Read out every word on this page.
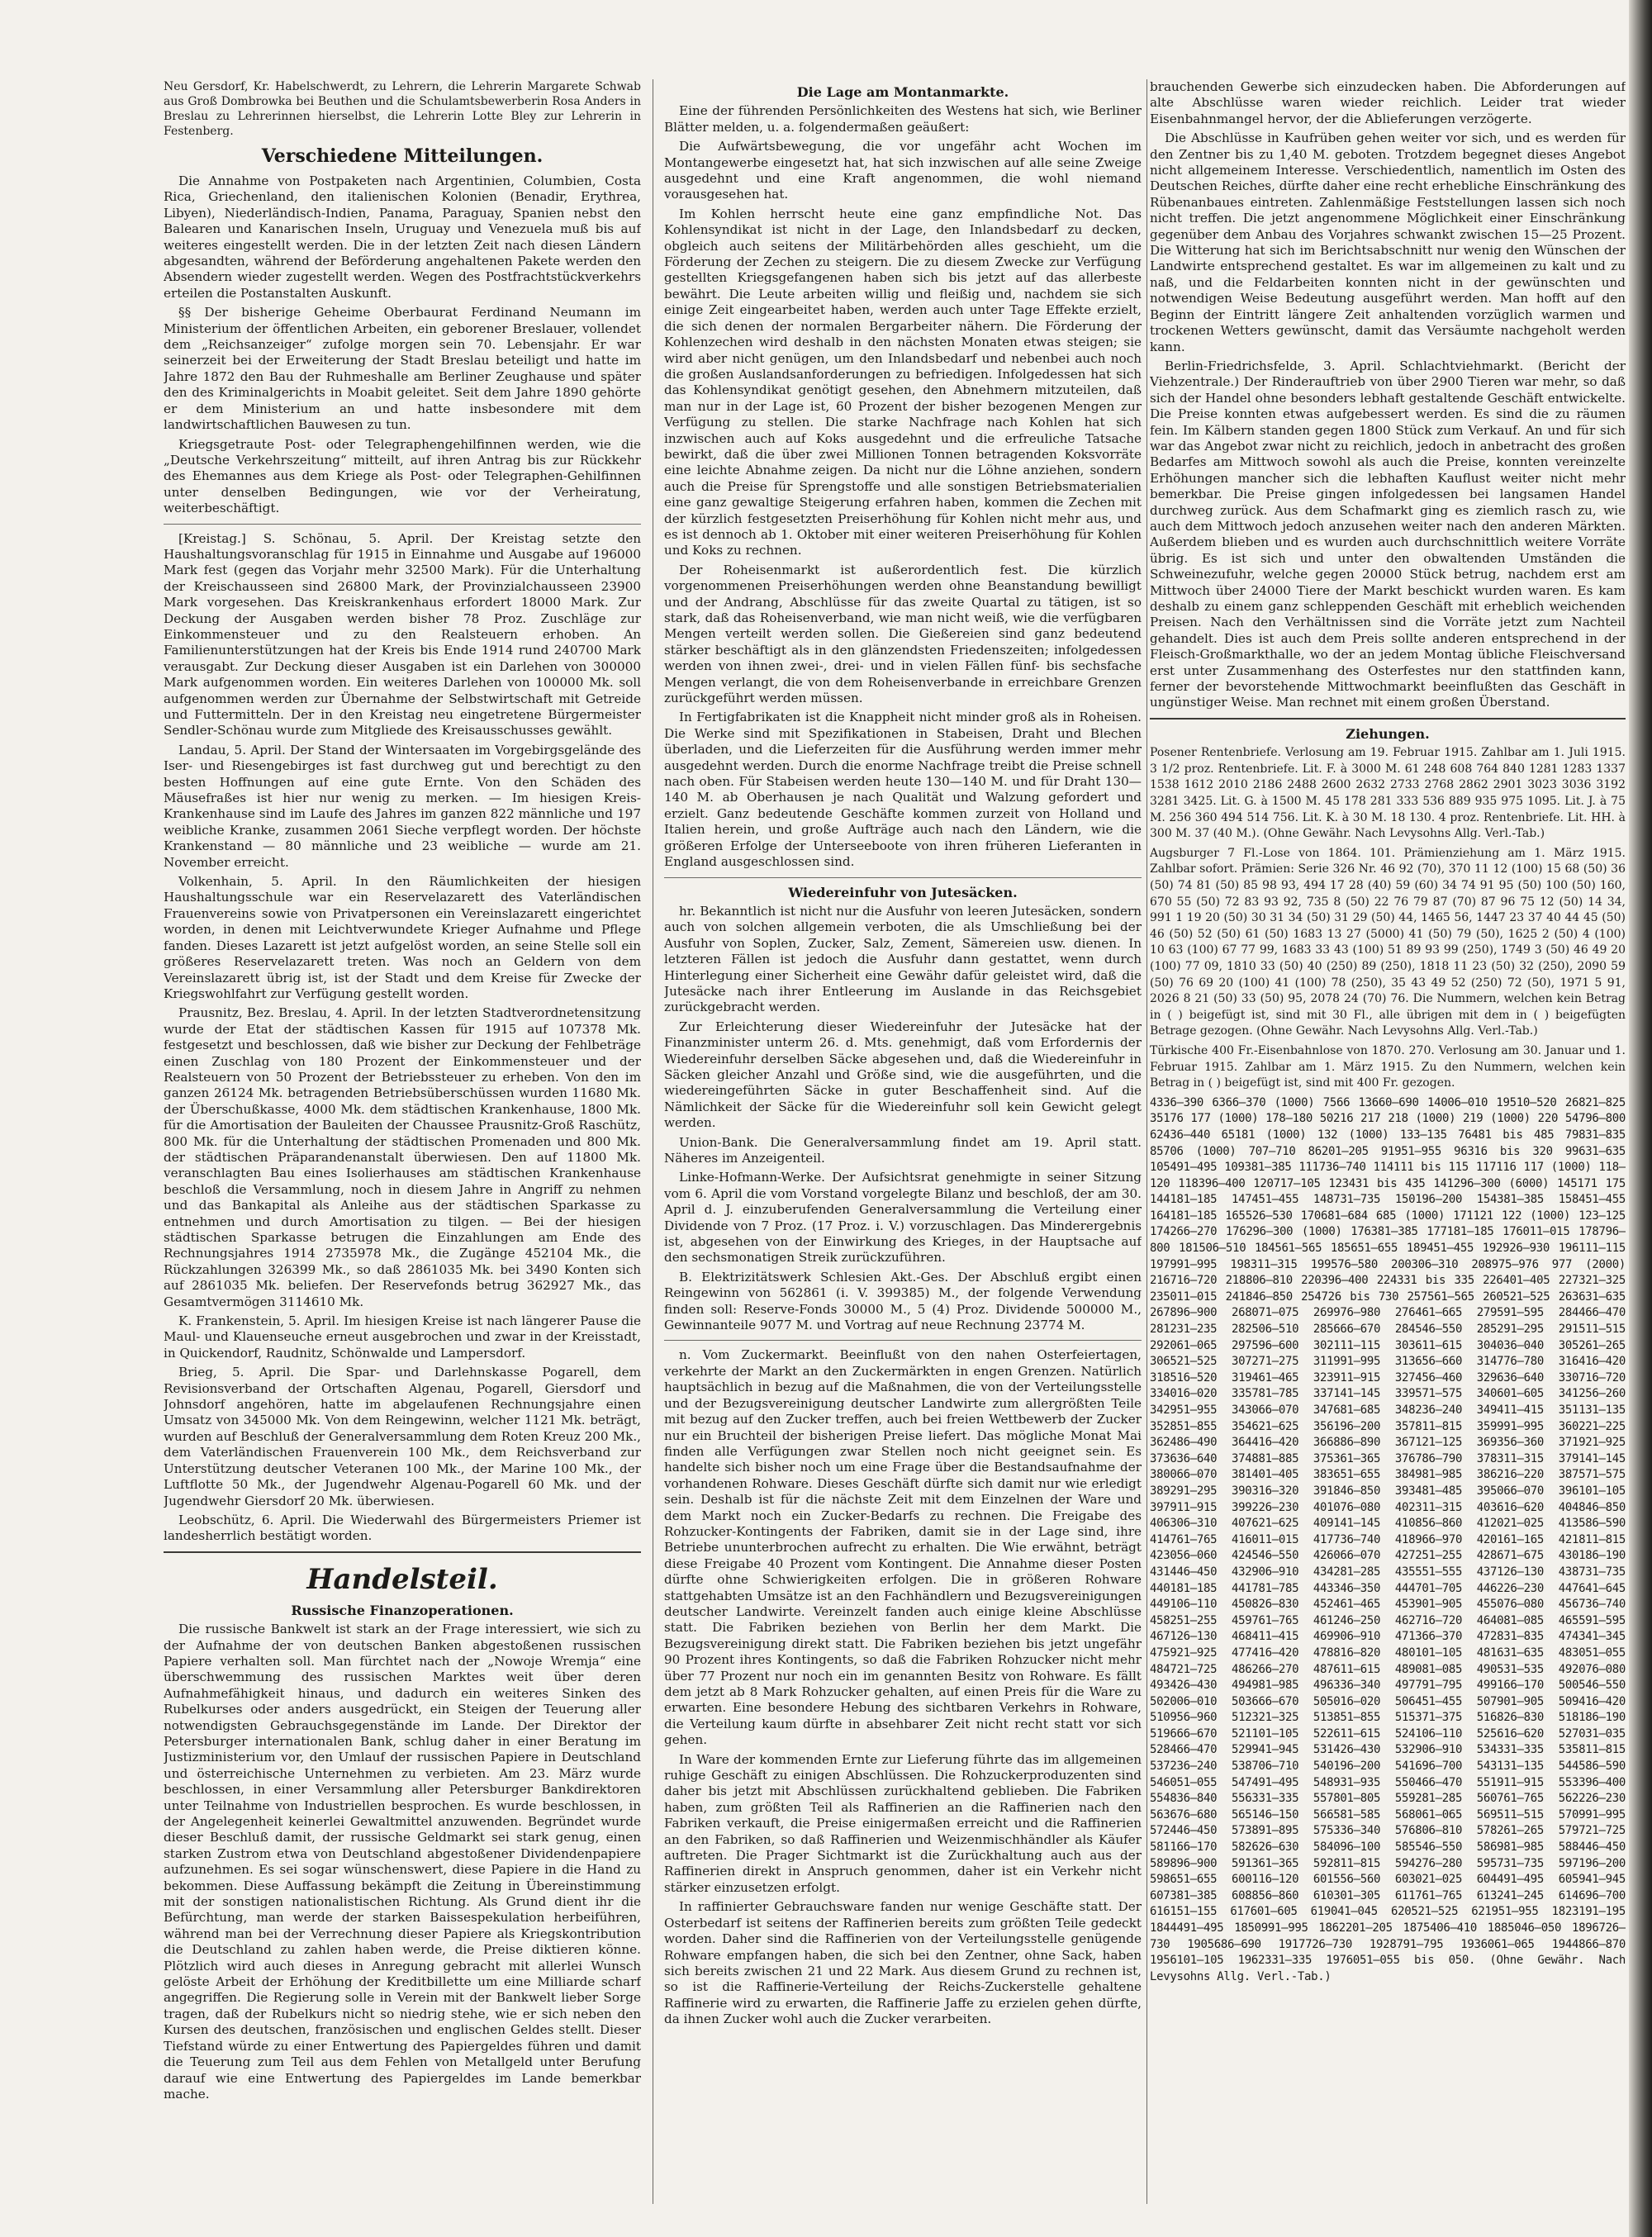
Neu Gersdorf, Kr. Habelschwerdt, zu Lehrern, die Lehrerin Margarete Schwab aus Groß Dombrowka bei Beuthen und die Schulamtsbewerberin Rosa Anders in Breslau zu Lehrerinnen hierselbst, die Lehrerin Lotte Bley zur Lehrerin in Festenberg.

Verschiedene Mitteilungen.

Die Annahme von Postpaketen nach Argentinien, Columbien, Costa Rica, Griechenland, den italienischen Kolonien (Benadir, Erythrea, Libyen), Niederländisch-Indien, Panama, Paraguay, Spanien nebst den Balearen und Kanarischen Inseln, Uruguay und Venezuela muß bis auf weiteres eingestellt werden. Die in der letzten Zeit nach diesen Ländern abgesandten, während der Beförderung angehaltenen Pakete werden den Absendern wieder zugestellt werden. Wegen des Postfrachtstückverkehrs erteilen die Postanstalten Auskunft.

§§ Der bisherige Geheime Oberbaurat Ferdinand Neumann im Ministerium der öffentlichen Arbeiten, ein geborener Breslauer, vollendet dem „Reichsanzeiger“ zufolge morgen sein 70. Lebensjahr. Er war seinerzeit bei der Erweiterung der Stadt Breslau beteiligt und hatte im Jahre 1872 den Bau der Ruhmeshalle am Berliner Zeughause und später den des Kriminalgerichts in Moabit geleitet. Seit dem Jahre 1890 gehörte er dem Ministerium an und hatte insbesondere mit dem landwirtschaftlichen Bauwesen zu tun.

Kriegsgetraute Post- oder Telegraphengehilfinnen werden, wie die „Deutsche Verkehrszeitung“ mitteilt, auf ihren Antrag bis zur Rückkehr des Ehemannes aus dem Kriege als Post- oder Telegraphen-Gehilfinnen unter denselben Bedingungen, wie vor der Verheiratung, weiterbeschäftigt.

[Kreistag.] S. Schönau, 5. April. Der Kreistag setzte den Haushaltungsvoranschlag für 1915 in Einnahme und Ausgabe auf 196000 Mark fest (gegen das Vorjahr mehr 32500 Mark). Für die Unterhaltung der Kreischausseen sind 26800 Mark, der Provinzialchausseen 23900 Mark vorgesehen. Das Kreiskrankenhaus erfordert 18000 Mark. Zur Deckung der Ausgaben werden bisher 78 Proz. Zuschläge zur Einkommensteuer und zu den Realsteuern erhoben. An Familienunterstützungen hat der Kreis bis Ende 1914 rund 240700 Mark verausgabt. Zur Deckung dieser Ausgaben ist ein Darlehen von 300000 Mark aufgenommen worden. Ein weiteres Darlehen von 100000 Mk. soll aufgenommen werden zur Übernahme der Selbstwirtschaft mit Getreide und Futtermitteln. Der in den Kreistag neu eingetretene Bürgermeister Sendler-Schönau wurde zum Mitgliede des Kreisausschusses gewählt.

Landau, 5. April. Der Stand der Wintersaaten im Vorgebirgsgelände des Iser- und Riesengebirges ist fast durchweg gut und berechtigt zu den besten Hoffnungen auf eine gute Ernte. Von den Schäden des Mäusefraßes ist hier nur wenig zu merken. — Im hiesigen Kreis-Krankenhause sind im Laufe des Jahres im ganzen 822 männliche und 197 weibliche Kranke, zusammen 2061 Sieche verpflegt worden. Der höchste Krankenstand — 80 männliche und 23 weibliche — wurde am 21. November erreicht.

Volkenhain, 5. April. In den Räumlichkeiten der hiesigen Haushaltungsschule war ein Reservelazarett des Vaterländischen Frauenvereins sowie von Privatpersonen ein Vereinslazarett eingerichtet worden, in denen mit Leichtverwundete Krieger Aufnahme und Pflege fanden. Dieses Lazarett ist jetzt aufgelöst worden, an seine Stelle soll ein größeres Reservelazarett treten. Was noch an Geldern von dem Vereinslazarett übrig ist, ist der Stadt und dem Kreise für Zwecke der Kriegswohlfahrt zur Verfügung gestellt worden.

Prausnitz, Bez. Breslau, 4. April. In der letzten Stadtverordnetensitzung wurde der Etat der städtischen Kassen für 1915 auf 107378 Mk. festgesetzt und beschlossen, daß wie bisher zur Deckung der Fehlbeträge einen Zuschlag von 180 Prozent der Einkommensteuer und der Realsteuern von 50 Prozent der Betriebssteuer zu erheben. Von den im ganzen 26124 Mk. betragenden Betriebsüberschüssen wurden 11680 Mk. der Überschußkasse, 4000 Mk. dem städtischen Krankenhause, 1800 Mk. für die Amortisation der Bauleiten der Chaussee Prausnitz-Groß Raschütz, 800 Mk. für die Unterhaltung der städtischen Promenaden und 800 Mk. der städtischen Präparandenanstalt überwiesen. Den auf 11800 Mk. veranschlagten Bau eines Isolierhauses am städtischen Krankenhause beschloß die Versammlung, noch in diesem Jahre in Angriff zu nehmen und das Bankapital als Anleihe aus der städtischen Sparkasse zu entnehmen und durch Amortisation zu tilgen. — Bei der hiesigen städtischen Sparkasse betrugen die Einzahlungen am Ende des Rechnungsjahres 1914 2735978 Mk., die Zugänge 452104 Mk., die Rückzahlungen 326399 Mk., so daß 2861035 Mk. bei 3490 Konten sich auf 2861035 Mk. beliefen. Der Reservefonds betrug 362927 Mk., das Gesamtvermögen 3114610 Mk.

K. Frankenstein, 5. April. Im hiesigen Kreise ist nach längerer Pause die Maul- und Klauenseuche erneut ausgebrochen und zwar in der Kreisstadt, in Quickendorf, Raudnitz, Schönwalde und Lampersdorf.

Brieg, 5. April. Die Spar- und Darlehnskasse Pogarell, dem Revisionsverband der Ortschaften Algenau, Pogarell, Giersdorf und Johnsdorf angehören, hatte im abgelaufenen Rechnungsjahre einen Umsatz von 345000 Mk. Von dem Reingewinn, welcher 1121 Mk. beträgt, wurden auf Beschluß der Generalversammlung dem Roten Kreuz 200 Mk., dem Vaterländischen Frauenverein 100 Mk., dem Reichsverband zur Unterstützung deutscher Veteranen 100 Mk., der Marine 100 Mk., der Luftflotte 50 Mk., der Jugendwehr Algenau-Pogarell 60 Mk. und der Jugendwehr Giersdorf 20 Mk. überwiesen.

Leobschütz, 6. April. Die Wiederwahl des Bürgermeisters Priemer ist landesherrlich bestätigt worden.

Handelsteil.
Russische Finanzoperationen.

Die russische Bankwelt ist stark an der Frage interessiert, wie sich zu der Aufnahme der von deutschen Banken abgestoßenen russischen Papiere verhalten soll. Man fürchtet nach der „Nowoje Wremja“ eine überschwemmung des russischen Marktes weit über deren Aufnahmefähigkeit hinaus, und dadurch ein weiteres Sinken des Rubelkurses oder anders ausgedrückt, ein Steigen der Teuerung aller notwendigsten Gebrauchsgegenstände im Lande. Der Direktor der Petersburger internationalen Bank, schlug daher in einer Beratung im Justizministerium vor, den Umlauf der russischen Papiere in Deutschland und österreichische Unternehmen zu verbieten. Am 23. März wurde beschlossen, in einer Versammlung aller Petersburger Bankdirektoren unter Teilnahme von Industriellen besprochen. Es wurde beschlossen, in der Angelegenheit keinerlei Gewaltmittel anzuwenden. Begründet wurde dieser Beschluß damit, der russische Geldmarkt sei stark genug, einen starken Zustrom etwa von Deutschland abgestoßener Dividendenpapiere aufzunehmen. Es sei sogar wünschenswert, diese Papiere in die Hand zu bekommen. Diese Auffassung bekämpft die Zeitung in Übereinstimmung mit der sonstigen nationalistischen Richtung. Als Grund dient ihr die Befürchtung, man werde der starken Baissespekulation herbeiführen, während man bei der Verrechnung dieser Papiere als Kriegskontribution die Deutschland zu zahlen haben werde, die Preise diktieren könne. Plötzlich wird auch dieses in Anregung gebracht mit allerlei Wunsch gelöste Arbeit der Erhöhung der Kreditbillette um eine Milliarde scharf angegriffen. Die Regierung solle in Verein mit der Bankwelt lieber Sorge tragen, daß der Rubelkurs nicht so niedrig stehe, wie er sich neben den Kursen des deutschen, französischen und englischen Geldes stellt. Dieser Tiefstand würde zu einer Entwertung des Papiergeldes führen und damit die Teuerung zum Teil aus dem Fehlen von Metallgeld unter Berufung darauf wie eine Entwertung des Papiergeldes im Lande bemerkbar mache.

Die Lage am Montanmarkte.

Eine der führenden Persönlichkeiten des Westens hat sich, wie Berliner Blätter melden, u. a. folgendermaßen geäußert:

Die Aufwärtsbewegung, die vor ungefähr acht Wochen im Montangewerbe eingesetzt hat, hat sich inzwischen auf alle seine Zweige ausgedehnt und eine Kraft angenommen, die wohl niemand vorausgesehen hat.

Im Kohlen herrscht heute eine ganz empfindliche Not. Das Kohlensyndikat ist nicht in der Lage, den Inlandsbedarf zu decken, obgleich auch seitens der Militärbehörden alles geschieht, um die Förderung der Zechen zu steigern. Die zu diesem Zwecke zur Verfügung gestellten Kriegsgefangenen haben sich bis jetzt auf das allerbeste bewährt. Die Leute arbeiten willig und fleißig und, nachdem sie sich einige Zeit eingearbeitet haben, werden auch unter Tage Effekte erzielt, die sich denen der normalen Bergarbeiter nähern. Die Förderung der Kohlenzechen wird deshalb in den nächsten Monaten etwas steigen; sie wird aber nicht genügen, um den Inlandsbedarf und nebenbei auch noch die großen Auslandsanforderungen zu befriedigen. Infolgedessen hat sich das Kohlensyndikat genötigt gesehen, den Abnehmern mitzuteilen, daß man nur in der Lage ist, 60 Prozent der bisher bezogenen Mengen zur Verfügung zu stellen. Die starke Nachfrage nach Kohlen hat sich inzwischen auch auf Koks ausgedehnt und die erfreuliche Tatsache bewirkt, daß die über zwei Millionen Tonnen betragenden Koksvorräte eine leichte Abnahme zeigen. Da nicht nur die Löhne anziehen, sondern auch die Preise für Sprengstoffe und alle sonstigen Betriebsmaterialien eine ganz gewaltige Steigerung erfahren haben, kommen die Zechen mit der kürzlich festgesetzten Preiserhöhung für Kohlen nicht mehr aus, und es ist dennoch ab 1. Oktober mit einer weiteren Preiserhöhung für Kohlen und Koks zu rechnen.

Der Roheisenmarkt ist außerordentlich fest. Die kürzlich vorgenommenen Preiserhöhungen werden ohne Beanstandung bewilligt und der Andrang, Abschlüsse für das zweite Quartal zu tätigen, ist so stark, daß das Roheisenverband, wie man nicht weiß, wie die verfügbaren Mengen verteilt werden sollen. Die Gießereien sind ganz bedeutend stärker beschäftigt als in den glänzendsten Friedenszeiten; infolgedessen werden von ihnen zwei-, drei- und in vielen Fällen fünf- bis sechsfache Mengen verlangt, die von dem Roheisenverbande in erreichbare Grenzen zurückgeführt werden müssen.

In Fertigfabrikaten ist die Knappheit nicht minder groß als in Roheisen. Die Werke sind mit Spezifikationen in Stabeisen, Draht und Blechen überladen, und die Lieferzeiten für die Ausführung werden immer mehr ausgedehnt werden. Durch die enorme Nachfrage treibt die Preise schnell nach oben. Für Stabeisen werden heute 130—140 M. und für Draht 130—140 M. ab Oberhausen je nach Qualität und Walzung gefordert und erzielt. Ganz bedeutende Geschäfte kommen zurzeit von Holland und Italien herein, und große Aufträge auch nach den Ländern, wie die größeren Erfolge der Unterseeboote von ihren früheren Lieferanten in England ausgeschlossen sind.

Wiedereinfuhr von Jutesäcken.

hr. Bekanntlich ist nicht nur die Ausfuhr von leeren Jutesäcken, sondern auch von solchen allgemein verboten, die als Umschließung bei der Ausfuhr von Soplen, Zucker, Salz, Zement, Sämereien usw. dienen. In letzteren Fällen ist jedoch die Ausfuhr dann gestattet, wenn durch Hinterlegung einer Sicherheit eine Gewähr dafür geleistet wird, daß die Jutesäcke nach ihrer Entleerung im Auslande in das Reichsgebiet zurückgebracht werden.

Zur Erleichterung dieser Wiedereinfuhr der Jutesäcke hat der Finanzminister unterm 26. d. Mts. genehmigt, daß vom Erfordernis der Wiedereinfuhr derselben Säcke abgesehen und, daß die Wiedereinfuhr in Säcken gleicher Anzahl und Größe sind, wie die ausgeführten, und die wiedereingeführten Säcke in guter Beschaffenheit sind. Auf die Nämlichkeit der Säcke für die Wiedereinfuhr soll kein Gewicht gelegt werden.

Union-Bank. Die Generalversammlung findet am 19. April statt. Näheres im Anzeigenteil.

Linke-Hofmann-Werke. Der Aufsichtsrat genehmigte in seiner Sitzung vom 6. April die vom Vorstand vorgelegte Bilanz und beschloß, der am 30. April d. J. einzuberufenden Generalversammlung die Verteilung einer Dividende von 7 Proz. (17 Proz. i. V.) vorzuschlagen. Das Minderergebnis ist, abgesehen von der Einwirkung des Krieges, in der Hauptsache auf den sechsmonatigen Streik zurückzuführen.

B. Elektrizitätswerk Schlesien Akt.-Ges. Der Abschluß ergibt einen Reingewinn von 562861 (i. V. 399385) M., der folgende Verwendung finden soll: Reserve-Fonds 30000 M., 5 (4) Proz. Dividende 500000 M., Gewinnanteile 9077 M. und Vortrag auf neue Rechnung 23774 M.

n. Vom Zuckermarkt. Beeinflußt von den nahen Osterfeiertagen, verkehrte der Markt an den Zuckermärkten in engen Grenzen. Natürlich hauptsächlich in bezug auf die Maßnahmen, die von der Verteilungsstelle und der Bezugsvereinigung deutscher Landwirte zum allergrößten Teile mit bezug auf den Zucker treffen, auch bei freien Wettbewerb der Zucker nur ein Bruchteil der bisherigen Preise liefert. Das mögliche Monat Mai finden alle Verfügungen zwar Stellen noch nicht geeignet sein. Es handelte sich bisher noch um eine Frage über die Bestandsaufnahme der vorhandenen Rohware. Dieses Geschäft dürfte sich damit nur wie erledigt sein. Deshalb ist für die nächste Zeit mit dem Einzelnen der Ware und dem Markt noch ein Zucker-Bedarfs zu rechnen. Die Freigabe des Rohzucker-Kontingents der Fabriken, damit sie in der Lage sind, ihre Betriebe ununterbrochen aufrecht zu erhalten. Die Wie erwähnt, beträgt diese Freigabe 40 Prozent vom Kontingent. Die Annahme dieser Posten dürfte ohne Schwierigkeiten erfolgen. Die in größeren Rohware stattgehabten Umsätze ist an den Fachhändlern und Bezugsvereinigungen deutscher Landwirte. Vereinzelt fanden auch einige kleine Abschlüsse statt. Die Fabriken beziehen von Berlin her dem Markt. Die Bezugsvereinigung direkt statt. Die Fabriken beziehen bis jetzt ungefähr 90 Prozent ihres Kontingents, so daß die Fabriken Rohzucker nicht mehr über 77 Prozent nur noch ein im genannten Besitz von Rohware. Es fällt dem jetzt ab 8 Mark Rohzucker gehalten, auf einen Preis für die Ware zu erwarten. Eine besondere Hebung des sichtbaren Verkehrs in Rohware, die Verteilung kaum dürfte in absehbarer Zeit nicht recht statt vor sich gehen.

In Ware der kommenden Ernte zur Lieferung führte das im allgemeinen ruhige Geschäft zu einigen Abschlüssen. Die Rohzuckerproduzenten sind daher bis jetzt mit Abschlüssen zurückhaltend geblieben. Die Fabriken haben, zum größten Teil als Raffinerien an die Raffinerien nach den Fabriken verkauft, die Preise einigermaßen erreicht und die Raffinerien an den Fabriken, so daß Raffinerien und Weizenmischhändler als Käufer auftreten. Die Prager Sichtmarkt ist die Zurückhaltung auch aus der Raffinerien direkt in Anspruch genommen, daher ist ein Verkehr nicht stärker einzusetzen erfolgt.

In raffinierter Gebrauchsware fanden nur wenige Geschäfte statt. Der Osterbedarf ist seitens der Raffinerien bereits zum größten Teile gedeckt worden. Daher sind die Raffinerien von der Verteilungsstelle genügende Rohware empfangen haben, die sich bei den Zentner, ohne Sack, haben sich bereits zwischen 21 und 22 Mark. Aus diesem Grund zu rechnen ist, so ist die Raffinerie-Verteilung der Reichs-Zuckerstelle gehaltene Raffinerie wird zu erwarten, die Raffinerie Jaffe zu erzielen gehen dürfte, da ihnen Zucker wohl auch die Zucker verarbeiten.

brauchenden Gewerbe sich einzudecken haben. Die Abforderungen auf alte Abschlüsse waren wieder reichlich. Leider trat wieder Eisenbahnmangel hervor, der die Ablieferungen verzögerte.

Die Abschlüsse in Kaufrüben gehen weiter vor sich, und es werden für den Zentner bis zu 1,40 M. geboten. Trotzdem begegnet dieses Angebot nicht allgemeinem Interesse. Verschiedentlich, namentlich im Osten des Deutschen Reiches, dürfte daher eine recht erhebliche Einschränkung des Rübenanbaues eintreten. Zahlenmäßige Feststellungen lassen sich noch nicht treffen. Die jetzt angenommene Möglichkeit einer Einschränkung gegenüber dem Anbau des Vorjahres schwankt zwischen 15—25 Prozent. Die Witterung hat sich im Berichtsabschnitt nur wenig den Wünschen der Landwirte entsprechend gestaltet. Es war im allgemeinen zu kalt und zu naß, und die Feldarbeiten konnten nicht in der gewünschten und notwendigen Weise Bedeutung ausgeführt werden. Man hofft auf den Beginn der Eintritt längere Zeit anhaltenden vorzüglich warmen und trockenen Wetters gewünscht, damit das Versäumte nachgeholt werden kann.

Berlin-Friedrichsfelde, 3. April. Schlachtviehmarkt. (Bericht der Viehzentrale.) Der Rinderauftrieb von über 2900 Tieren war mehr, so daß sich der Handel ohne besonders lebhaft gestaltende Geschäft entwickelte. Die Preise konnten etwas aufgebessert werden. Es sind die zu räumen fein. Im Kälbern standen gegen 1800 Stück zum Verkauf. An und für sich war das Angebot zwar nicht zu reichlich, jedoch in anbetracht des großen Bedarfes am Mittwoch sowohl als auch die Preise, konnten vereinzelte Erhöhungen mancher sich die lebhaften Kauflust weiter nicht mehr bemerkbar. Die Preise gingen infolgedessen bei langsamen Handel durchweg zurück. Aus dem Schafmarkt ging es ziemlich rasch zu, wie auch dem Mittwoch jedoch anzusehen weiter nach den anderen Märkten. Außerdem blieben und es wurden auch durchschnittlich weitere Vorräte übrig. Es ist sich und unter den obwaltenden Umständen die Schweinezufuhr, welche gegen 20000 Stück betrug, nachdem erst am Mittwoch über 24000 Tiere der Markt beschickt wurden waren. Es kam deshalb zu einem ganz schleppenden Geschäft mit erheblich weichenden Preisen. Nach den Verhältnissen sind die Vorräte jetzt zum Nachteil gehandelt. Dies ist auch dem Preis sollte anderen entsprechend in der Fleisch-Großmarkthalle, wo der an jedem Montag übliche Fleischversand erst unter Zusammenhang des Osterfestes nur den stattfinden kann, ferner der bevorstehende Mittwochmarkt beeinflußten das Geschäft in ungünstiger Weise. Man rechnet mit einem großen Überstand.

Ziehungen.

Posener Rentenbriefe. Verlosung am 19. Februar 1915. Zahlbar am 1. Juli 1915. 3 1/2 proz. Rentenbriefe. Lit. F. à 3000 M. 61 248 608 764 840 1281 1283 1337 1538 1612 2010 2186 2488 2600 2632 2733 2768 2862 2901 3023 3036 3192 3281 3425. Lit. G. à 1500 M. 45 178 281 333 536 889 935 975 1095. Lit. J. à 75 M. 256 360 494 514 756. Lit. K. à 30 M. 18 130. 4 proz. Rentenbriefe. Lit. HH. à 300 M. 37 (40 M.). (Ohne Gewähr. Nach Levysohns Allg. Verl.-Tab.)

Augsburger 7 Fl.-Lose von 1864. 101. Prämienziehung am 1. März 1915. Zahlbar sofort. Prämien: Serie 326 Nr. 46 92 (70), 370 11 12 (100) 15 68 (50) 36 (50) 74 81 (50) 85 98 93, 494 17 28 (40) 59 (60) 34 74 91 95 (50) 100 (50) 160, 670 55 (50) 72 83 93 92, 735 8 (50) 22 76 79 87 (70) 87 96 75 12 (50) 14 34, 991 1 19 20 (50) 30 31 34 (50) 31 29 (50) 44, 1465 56, 1447 23 37 40 44 45 (50) 46 (50) 52 (50) 61 (50) 1683 13 27 (5000) 41 (50) 79 (50), 1625 2 (50) 4 (100) 10 63 (100) 67 77 99, 1683 33 43 (100) 51 89 93 99 (250), 1749 3 (50) 46 49 20 (100) 77 09, 1810 33 (50) 40 (250) 89 (250), 1818 11 23 (50) 32 (250), 2090 59 (50) 76 69 20 (100) 41 (100) 78 (250), 35 43 49 52 (250) 72 (50), 1971 5 91, 2026 8 21 (50) 33 (50) 95, 2078 24 (70) 76. Die Nummern, welchen kein Betrag in ( ) beigefügt ist, sind mit 30 Fl., alle übrigen mit dem in ( ) beigefügten Betrage gezogen. (Ohne Gewähr. Nach Levysohns Allg. Verl.-Tab.)

Türkische 400 Fr.-Eisenbahnlose von 1870. 270. Verlosung am 30. Januar und 1. Februar 1915. Zahlbar am 1. März 1915. Zu den Nummern, welchen kein Betrag in ( ) beigefügt ist, sind mit 400 Fr. gezogen.

4336—390 6366—370 (1000) 7566 13660—690 14006—010 19510—520 26821—825 35176 177 (1000) 178—180 50216 217 218 (1000) 219 (1000) 220 54796—800 62436—440 65181 (1000) 132 (1000) 133—135 76481 bis 485 79831—835 85706 (1000) 707—710 86201—205 91951—955 96316 bis 320 99631—635 105491—495 109381—385 111736—740 114111 bis 115 117116 117 (1000) 118—120 118396—400 120717—105 123431 bis 435 141296—300 (6000) 145171 175 144181—185 147451—455 148731—735 150196—200 154381—385 158451—455 164181—185 165526—530 170681—684 685 (1000) 171121 122 (1000) 123—125 174266—270 176296—300 (1000) 176381—385 177181—185 176011—015 178796—800 181506—510 184561—565 185651—655 189451—455 192926—930 196111—115 197991—995 198311—315 199576—580 200306—310 208975—976 977 (2000) 216716—720 218806—810 220396—400 224331 bis 335 226401—405 227321—325 235011—015 241846—850 254726 bis 730 257561—565 260521—525 263631—635 267896—900 268071—075 269976—980 276461—665 279591—595 284466—470 281231—235 282506—510 285666—670 284546—550 285291—295 291511—515 292061—065 297596—600 302111—115 303611—615 304036—040 305261—265 306521—525 307271—275 311991—995 313656—660 314776—780 316416—420 318516—520 319461—465 323911—915 327456—460 329636—640 330716—720 334016—020 335781—785 337141—145 339571—575 340601—605 341256—260 342951—955 343066—070 347681—685 348236—240 349411—415 351131—135 352851—855 354621—625 356196—200 357811—815 359991—995 360221—225 362486—490 364416—420 366886—890 367121—125 369356—360 371921—925 373636—640 374881—885 375361—365 376786—790 378311—315 379141—145 380066—070 381401—405 383651—655 384981—985 386216—220 387571—575 389291—295 390316—320 391846—850 393481—485 395066—070 396101—105 397911—915 399226—230 401076—080 402311—315 403616—620 404846—850 406306—310 407621—625 409141—145 410856—860 412021—025 413586—590 414761—765 416011—015 417736—740 418966—970 420161—165 421811—815 423056—060 424546—550 426066—070 427251—255 428671—675 430186—190 431446—450 432906—910 434281—285 435551—555 437126—130 438731—735 440181—185 441781—785 443346—350 444701—705 446226—230 447641—645 449106—110 450826—830 452461—465 453901—905 455076—080 456736—740 458251—255 459761—765 461246—250 462716—720 464081—085 465591—595 467126—130 468411—415 469906—910 471366—370 472831—835 474341—345 475921—925 477416—420 478816—820 480101—105 481631—635 483051—055 484721—725 486266—270 487611—615 489081—085 490531—535 492076—080 493426—430 494981—985 496336—340 497791—795 499166—170 500546—550 502006—010 503666—670 505016—020 506451—455 507901—905 509416—420 510956—960 512321—325 513851—855 515371—375 516826—830 518186—190 519666—670 521101—105 522611—615 524106—110 525616—620 527031—035 528466—470 529941—945 531426—430 532906—910 534331—335 535811—815 537236—240 538706—710 540196—200 541696—700 543131—135 544586—590 546051—055 547491—495 548931—935 550466—470 551911—915 553396—400 554836—840 556331—335 557801—805 559281—285 560761—765 562226—230 563676—680 565146—150 566581—585 568061—065 569511—515 570991—995 572446—450 573891—895 575336—340 576806—810 578261—265 579721—725 581166—170 582626—630 584096—100 585546—550 586981—985 588446—450 589896—900 591361—365 592811—815 594276—280 595731—735 597196—200 598651—655 600116—120 601556—560 603021—025 604491—495 605941—945 607381—385 608856—860 610301—305 611761—765 613241—245 614696—700 616151—155 617601—605 619041—045 620521—525 621951—955 1823191—195 1844491—495 1850991—995 1862201—205 1875406—410 1885046—050 1896726—730 1905686—690 1917726—730 1928791—795 1936061—065 1944866—870 1956101—105 1962331—335 1976051—055 bis 050. (Ohne Gewähr. Nach Levysohns Allg. Verl.-Tab.)
